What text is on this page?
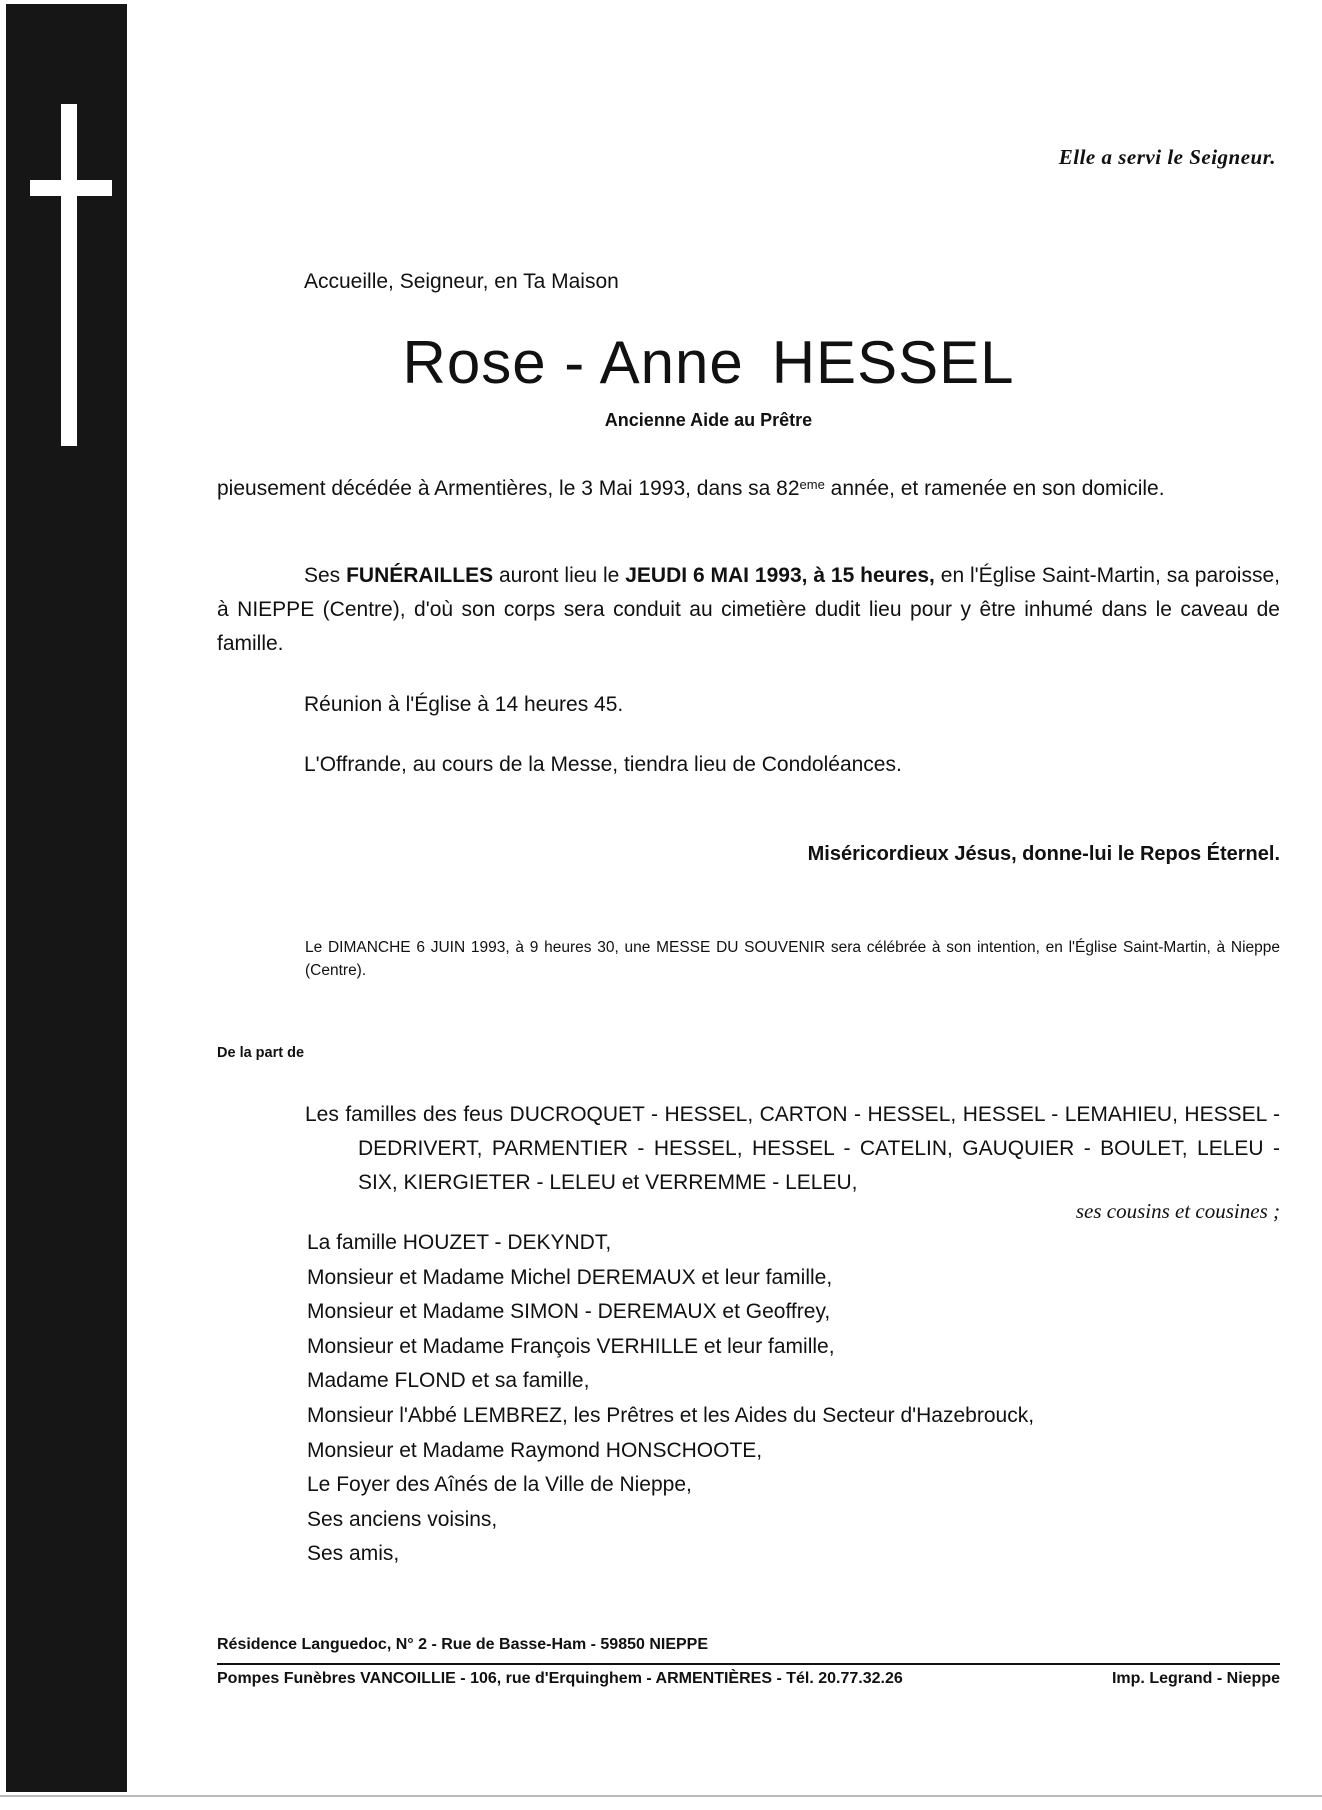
Elle a servi le Seigneur.
Accueille, Seigneur, en Ta Maison
Rose - Anne HESSEL
Ancienne Aide au Prêtre
pieusement décédée à Armentières, le 3 Mai 1993, dans sa 82eme année, et ramenée en son domicile.
Ses FUNÉRAILLES auront lieu le JEUDI 6 MAI 1993, à 15 heures, en l'Église Saint-Martin, sa paroisse, à NIEPPE (Centre), d'où son corps sera conduit au cimetière dudit lieu pour y être inhumé dans le caveau de famille.
Réunion à l'Église à 14 heures 45.
L'Offrande, au cours de la Messe, tiendra lieu de Condoléances.
Miséricordieux Jésus, donne-lui le Repos Éternel.
Le DIMANCHE 6 JUIN 1993, à 9 heures 30, une MESSE DU SOUVENIR sera célébrée à son intention, en l'Église Saint-Martin, à Nieppe (Centre).
De la part de
Les familles des feus DUCROQUET - HESSEL, CARTON - HESSEL, HESSEL - LEMAHIEU, HESSEL - DEDRIVERT, PARMENTIER - HESSEL, HESSEL - CATELIN, GAUQUIER - BOULET, LELEU - SIX, KIERGIETER - LELEU et VERREMME - LELEU,
ses cousins et cousines ;
La famille HOUZET - DEKYNDT,
Monsieur et Madame Michel DEREMAUX et leur famille,
Monsieur et Madame SIMON - DEREMAUX et Geoffrey,
Monsieur et Madame François VERHILLE et leur famille,
Madame FLOND et sa famille,
Monsieur l'Abbé LEMBREZ, les Prêtres et les Aides du Secteur d'Hazebrouck,
Monsieur et Madame Raymond HONSCHOOTE,
Le Foyer des Aînés de la Ville de Nieppe,
Ses anciens voisins,
Ses amis,
Résidence Languedoc, N° 2 - Rue de Basse-Ham - 59850 NIEPPE
Pompes Funèbres VANCOILLIE - 106, rue d'Erquinghem - ARMENTIÈRES - Tél. 20.77.32.26	Imp. Legrand - Nieppe
